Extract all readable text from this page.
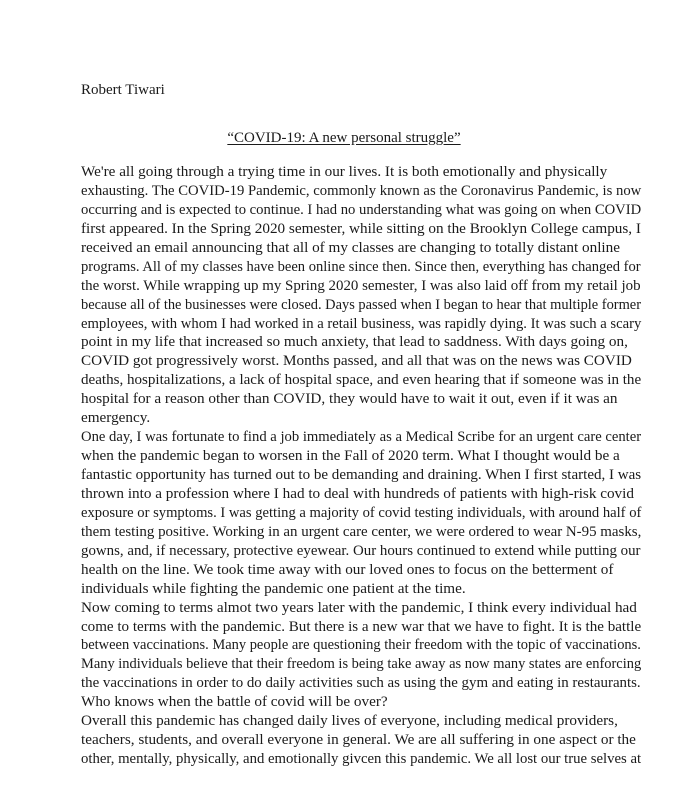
Robert Tiwari
“COVID-19: A new personal struggle”
We're all going through a trying time in our lives. It is both emotionally and physically
exhausting. The COVID-19 Pandemic, commonly known as the Coronavirus Pandemic, is now
occurring and is expected to continue. I had no understanding what was going on when COVID
first appeared. In the Spring 2020 semester, while sitting on the Brooklyn College campus, I
received an email announcing that all of my classes are changing to totally distant online
programs. All of my classes have been online since then. Since then, everything has changed for
the worst. While wrapping up my Spring 2020 semester, I was also laid off from my retail job
because all of the businesses were closed. Days passed when I began to hear that multiple former
employees, with whom I had worked in a retail business, was rapidly dying. It was such a scary
point in my life that increased so much anxiety, that lead to saddness. With days going on,
COVID got progressively worst. Months passed, and all that was on the news was COVID
deaths, hospitalizations, a lack of hospital space, and even hearing that if someone was in the
hospital for a reason other than COVID, they would have to wait it out, even if it was an
emergency.
One day, I was fortunate to find a job immediately as a Medical Scribe for an urgent care center
when the pandemic began to worsen in the Fall of 2020 term. What I thought would be a
fantastic opportunity has turned out to be demanding and draining. When I first started, I was
thrown into a profession where I had to deal with hundreds of patients with high-risk covid
exposure or symptoms. I was getting a majority of covid testing individuals, with around half of
them testing positive. Working in an urgent care center, we were ordered to wear N-95 masks,
gowns, and, if necessary, protective eyewear. Our hours continued to extend while putting our
health on the line. We took time away with our loved ones to focus on the betterment of
individuals while fighting the pandemic one patient at the time.
Now coming to terms almot two years later with the pandemic, I think every individual had
come to terms with the pandemic. But there is a new war that we have to fight. It is the battle
between vaccinations. Many people are questioning their freedom with the topic of vaccinations.
Many individuals believe that their freedom is being take away as now many states are enforcing
the vaccinations in order to do daily activities such as using the gym and eating in restaurants.
Who knows when the battle of covid will be over?
Overall this pandemic has changed daily lives of everyone, including medical providers,
teachers, students, and overall everyone in general. We are all suffering in one aspect or the
other, mentally, physically, and emotionally givcen this pandemic. We all lost our true selves at
